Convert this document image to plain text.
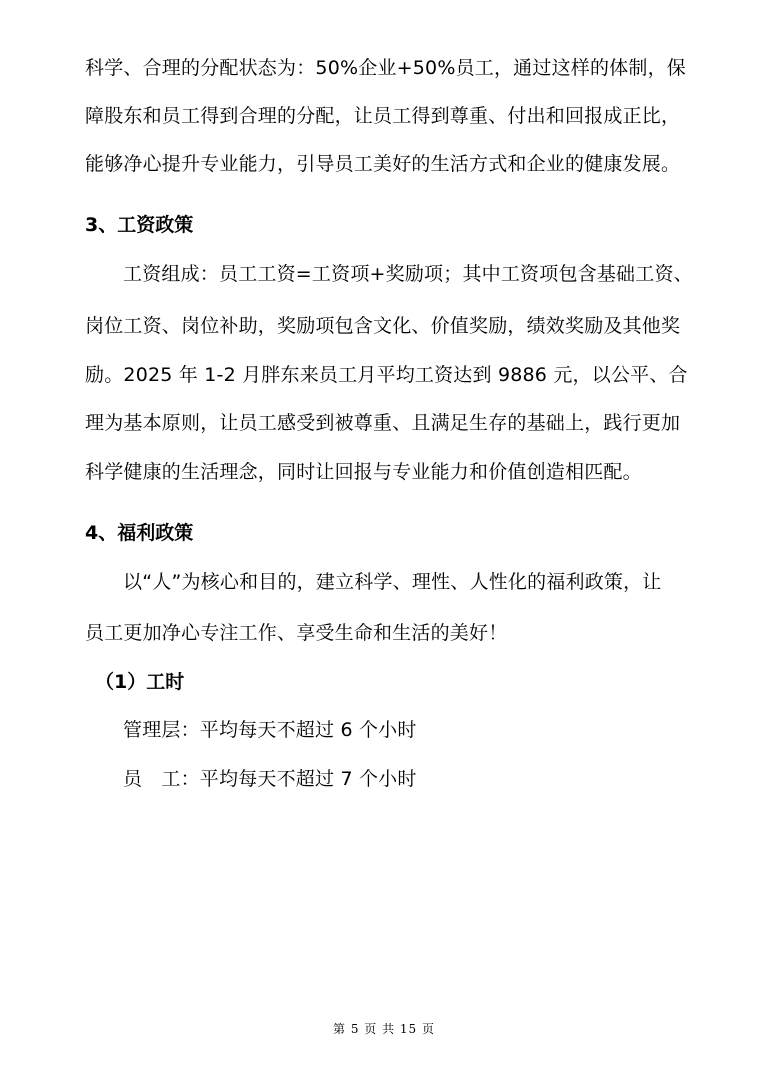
科学、合理的分配状态为：50%企业+50%员工，通过这样的体制，保
障股东和员工得到合理的分配，让员工得到尊重、付出和回报成正比，
能够净心提升专业能力，引导员工美好的生活方式和企业的健康发展。
3、工资政策
工资组成：员工工资=工资项+奖励项；其中工资项包含基础工资、
岗位工资、岗位补助，奖励项包含文化、价值奖励，绩效奖励及其他奖
励。2025 年 1-2 月胖东来员工月平均工资达到 9886 元，以公平、合
理为基本原则，让员工感受到被尊重、且满足生存的基础上，践行更加
科学健康的生活理念，同时让回报与专业能力和价值创造相匹配。
4、福利政策
以“人”为核心和目的，建立科学、理性、人性化的福利政策，让
员工更加净心专注工作、享受生命和生活的美好！
（1）工时
管理层：平均每天不超过 6 个小时
员　工：平均每天不超过 7 个小时
第 5 页 共 15 页
